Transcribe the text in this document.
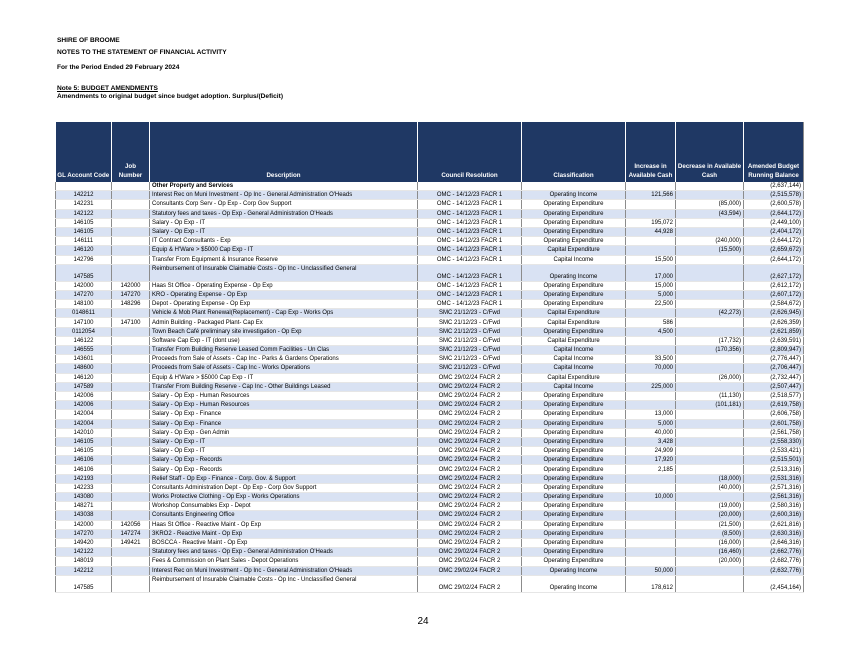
SHIRE OF BROOME
NOTES TO THE STATEMENT OF FINANCIAL ACTIVITY
For the Period Ended 29 February 2024
Note 5: BUDGET AMENDMENTS
Amendments to original budget since budget adoption. Surplus/(Deficit)
GL Account Code	Job Number	Description	Council Resolution	Classification	Increase in Available Cash	Decrease in Available Cash	Amended Budget Running Balance
		Other Property and Services					(2,637,144)
142212		Interest Rec on Muni Investment - Op Inc - General Administration O'Heads	OMC - 14/12/23 FACR 1	Operating Income	121,566		(2,515,578)
142231		Consultants Corp Serv - Op Exp - Corp Gov Support	OMC - 14/12/23 FACR 1	Operating Expenditure		(85,000)	(2,600,578)
142122		Statutory fees and taxes - Op Exp - General Administration O'Heads	OMC - 14/12/23 FACR 1	Operating Expenditure		(43,594)	(2,644,172)
146105		Salary - Op Exp - IT	OMC - 14/12/23 FACR 1	Operating Expenditure	195,072		(2,449,100)
146105		Salary - Op Exp - IT	OMC - 14/12/23 FACR 1	Operating Expenditure	44,928		(2,404,172)
146111		IT Contract Consultants - Exp	OMC - 14/12/23 FACR 1	Operating Expenditure		(240,000)	(2,644,172)
146120		Equip & H'Ware > $5000 Cap Exp - IT	OMC - 14/12/23 FACR 1	Capital Expenditure		(15,500)	(2,659,672)
142796		Transfer From Equipment & Insurance Reserve	OMC - 14/12/23 FACR 1	Capital Income	15,500		(2,644,172)
147585		Reimbursement of Insurable Claimable Costs - Op Inc - Unclassified General	OMC - 14/12/23 FACR 1	Operating Income	17,000		(2,627,172)
142000	142000	Haas St Office - Operating Expense - Op Exp	OMC - 14/12/23 FACR 1	Operating Expenditure	15,000		(2,612,172)
147270	147270	KRO - Operating Expense - Op Exp	OMC - 14/12/23 FACR 1	Operating Expenditure	5,000		(2,607,172)
148100	148296	Depot - Operating Expense - Op Exp	OMC - 14/12/23 FACR 1	Operating Expenditure	22,500		(2,584,672)
0148611		Vehicle & Mob Plant Renewal(Replacement) - Cap Exp - Works Ops	SMC 21/12/23 - C/Fwd	Capital Expenditure		(42,273)	(2,626,945)
147100	147100	Admin Building - Packaged Plant- Cap Ex	SMC 21/12/23 - C/Fwd	Capital Expenditure	586		(2,626,359)
0112054		Town Beach Café preliminary site investigation - Op Exp	SMC 21/12/23 - C/Fwd	Operating Expenditure	4,500		(2,621,859)
146122		Software Cap Exp - IT (dont use)	SMC 21/12/23 - C/Fwd	Capital Expenditure		(17,732)	(2,639,591)
146555		Transfer From Building Reserve Leased Comm Facilities - Un Clas	SMC 21/12/23 - C/Fwd	Capital Income		(170,356)	(2,809,947)
143601		Proceeds from Sale of Assets - Cap Inc - Parks & Gardens Operations	SMC 21/12/23 - C/Fwd	Capital Income	33,500		(2,776,447)
148600		Proceeds from Sale of Assets - Cap Inc - Works Operations	SMC 21/12/23 - C/Fwd	Capital Income	70,000		(2,706,447)
146120		Equip & H'Ware > $5000 Cap Exp - IT	OMC 29/02/24 FACR 2	Capital Expenditure		(26,000)	(2,732,447)
147589		Transfer From Building Reserve - Cap Inc - Other Buildings Leased	OMC 29/02/24 FACR 2	Capital Income	225,000		(2,507,447)
142006		Salary - Op Exp - Human Resources	OMC 29/02/24 FACR 2	Operating Expenditure		(11,130)	(2,518,577)
142006		Salary - Op Exp - Human Resources	OMC 29/02/24 FACR 2	Operating Expenditure		(101,181)	(2,619,758)
142004		Salary - Op Exp - Finance	OMC 29/02/24 FACR 2	Operating Expenditure	13,000		(2,606,758)
142004		Salary - Op Exp - Finance	OMC 29/02/24 FACR 2	Operating Expenditure	5,000		(2,601,758)
142010		Salary - Op Exp - Gen Admin	OMC 29/02/24 FACR 2	Operating Expenditure	40,000		(2,561,758)
146105		Salary - Op Exp - IT	OMC 29/02/24 FACR 2	Operating Expenditure	3,428		(2,558,330)
146105		Salary - Op Exp - IT	OMC 29/02/24 FACR 2	Operating Expenditure	24,909		(2,533,421)
146106		Salary - Op Exp - Records	OMC 29/02/24 FACR 2	Operating Expenditure	17,920		(2,515,501)
146106		Salary - Op Exp - Records	OMC 29/02/24 FACR 2	Operating Expenditure	2,185		(2,513,316)
142193		Relief Staff - Op Exp - Finance - Corp. Gov. & Support	OMC 29/02/24 FACR 2	Operating Expenditure		(18,000)	(2,531,316)
142233		Consultants Administration Dept - Op Exp - Corp Gov Support	OMC 29/02/24 FACR 2	Operating Expenditure		(40,000)	(2,571,316)
143080		Works Protective Clothing - Op Exp - Works Operations	OMC 29/02/24 FACR 2	Operating Expenditure	10,000		(2,561,316)
148271		Workshop Consumables Exp - Depot	OMC 29/02/24 FACR 2	Operating Expenditure		(19,000)	(2,580,316)
143038		Consultants Engineering Office	OMC 29/02/24 FACR 2	Operating Expenditure		(20,000)	(2,600,316)
142000	142056	Haas St Office - Reactive Maint - Op Exp	OMC 29/02/24 FACR 2	Operating Expenditure		(21,500)	(2,621,816)
147270	147274	3KRO2 - Reactive Maint - Op Exp	OMC 29/02/24 FACR 2	Operating Expenditure		(8,500)	(2,630,316)
149420	149421	BOSCCA - Reactive Maint - Op Exp	OMC 29/02/24 FACR 2	Operating Expenditure		(16,000)	(2,646,316)
142122		Statutory fees and taxes - Op Exp - General Administration O'Heads	OMC 29/02/24 FACR 2	Operating Expenditure		(16,460)	(2,662,776)
148019		Fees & Commission on Plant Sales - Depot Operations	OMC 29/02/24 FACR 2	Operating Expenditure		(20,000)	(2,682,776)
142212		Interest Rec on Muni Investment - Op Inc - General Administration O'Heads	OMC 29/02/24 FACR 2	Operating Income	50,000		(2,632,776)
147585		Reimbursement of Insurable Claimable Costs - Op Inc - Unclassified General	OMC 29/02/24 FACR 2	Operating Income	178,612		(2,454,164)
24
